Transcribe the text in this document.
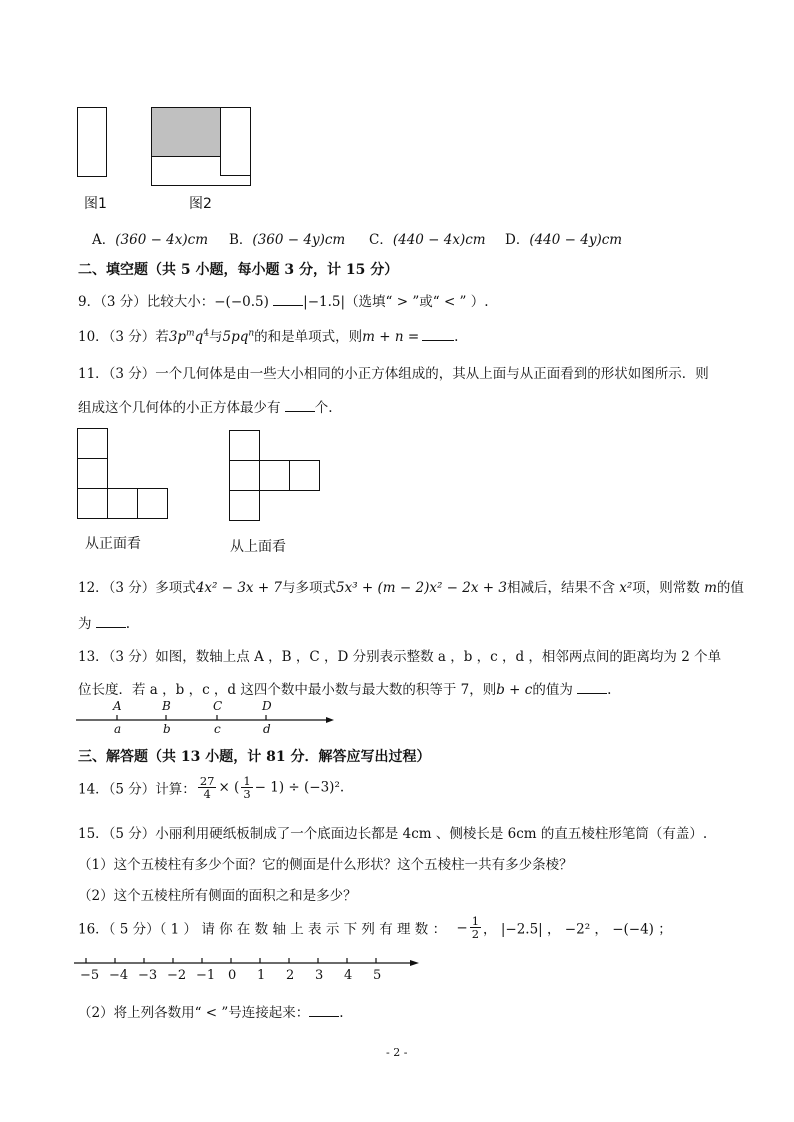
图1	图2
A．(360 − 4x)cm B．(360 − 4y)cm C．(440 − 4x)cm D．(440 − 4y)cm
二、填空题（共 5 小题，每小题 3 分，计 15 分）
9．（3 分）比较大小：−(−0.5)	|−1.5|（选填“ > ”或“ < ” ）.
10．（3 分）若$3p^mq^4$与$5pq^n$的和是单项式，则m + n =	.
11．（3 分）一个几何体是由一些大小相同的小正方体组成的，其从上面与从正面看到的形状如图所示．则
组成这个几何体的小正方体最少有	个.
从正面看	从上面看
12．（3 分）多项式4x² − 3x + 7与多项式5x³ + (m − 2)x² − 2x + 3相减后，结果不含 x²项，则常数 m的值
为	.
13．（3 分）如图，数轴上点 A ，B ，C ，D 分别表示整数 a ，b ，c ，d ，相邻两点间的距离均为 2 个单
位长度．若 a ，b ，c ，d 这四个数中最小数与最大数的积等于 7，则b + c的值为	.
A	B	C	D
a	b	c	d
三、解答题（共 13 小题，计 81 分．解答应写出过程）
14．（5 分）计算： $\frac{27}{4}$ × ( $\frac{1}{3} - 1) \div (-3)^2$.
15．（5 分）小丽利用硬纸板制成了一个底面边长都是 4cm 、侧棱长是 6cm 的直五棱柱形笔筒（有盖）.
（1）这个五棱柱有多少个面？它的侧面是什么形状？这个五棱柱一共有多少条棱？
（2）这个五棱柱所有侧面的面积之和是多少？
16．（ 5 分）（ 1 ） 请 你 在 数 轴 上 表 示 下 列 有 理 数 ： − $\frac{1}{2}$ ， |−2.5| ， −2² ， −(−4) ；
−5 −4 −3 −2 −1 0 1 2 3 4 5
（2）将上列各数用“ < ”号连接起来： .
- 2 -
